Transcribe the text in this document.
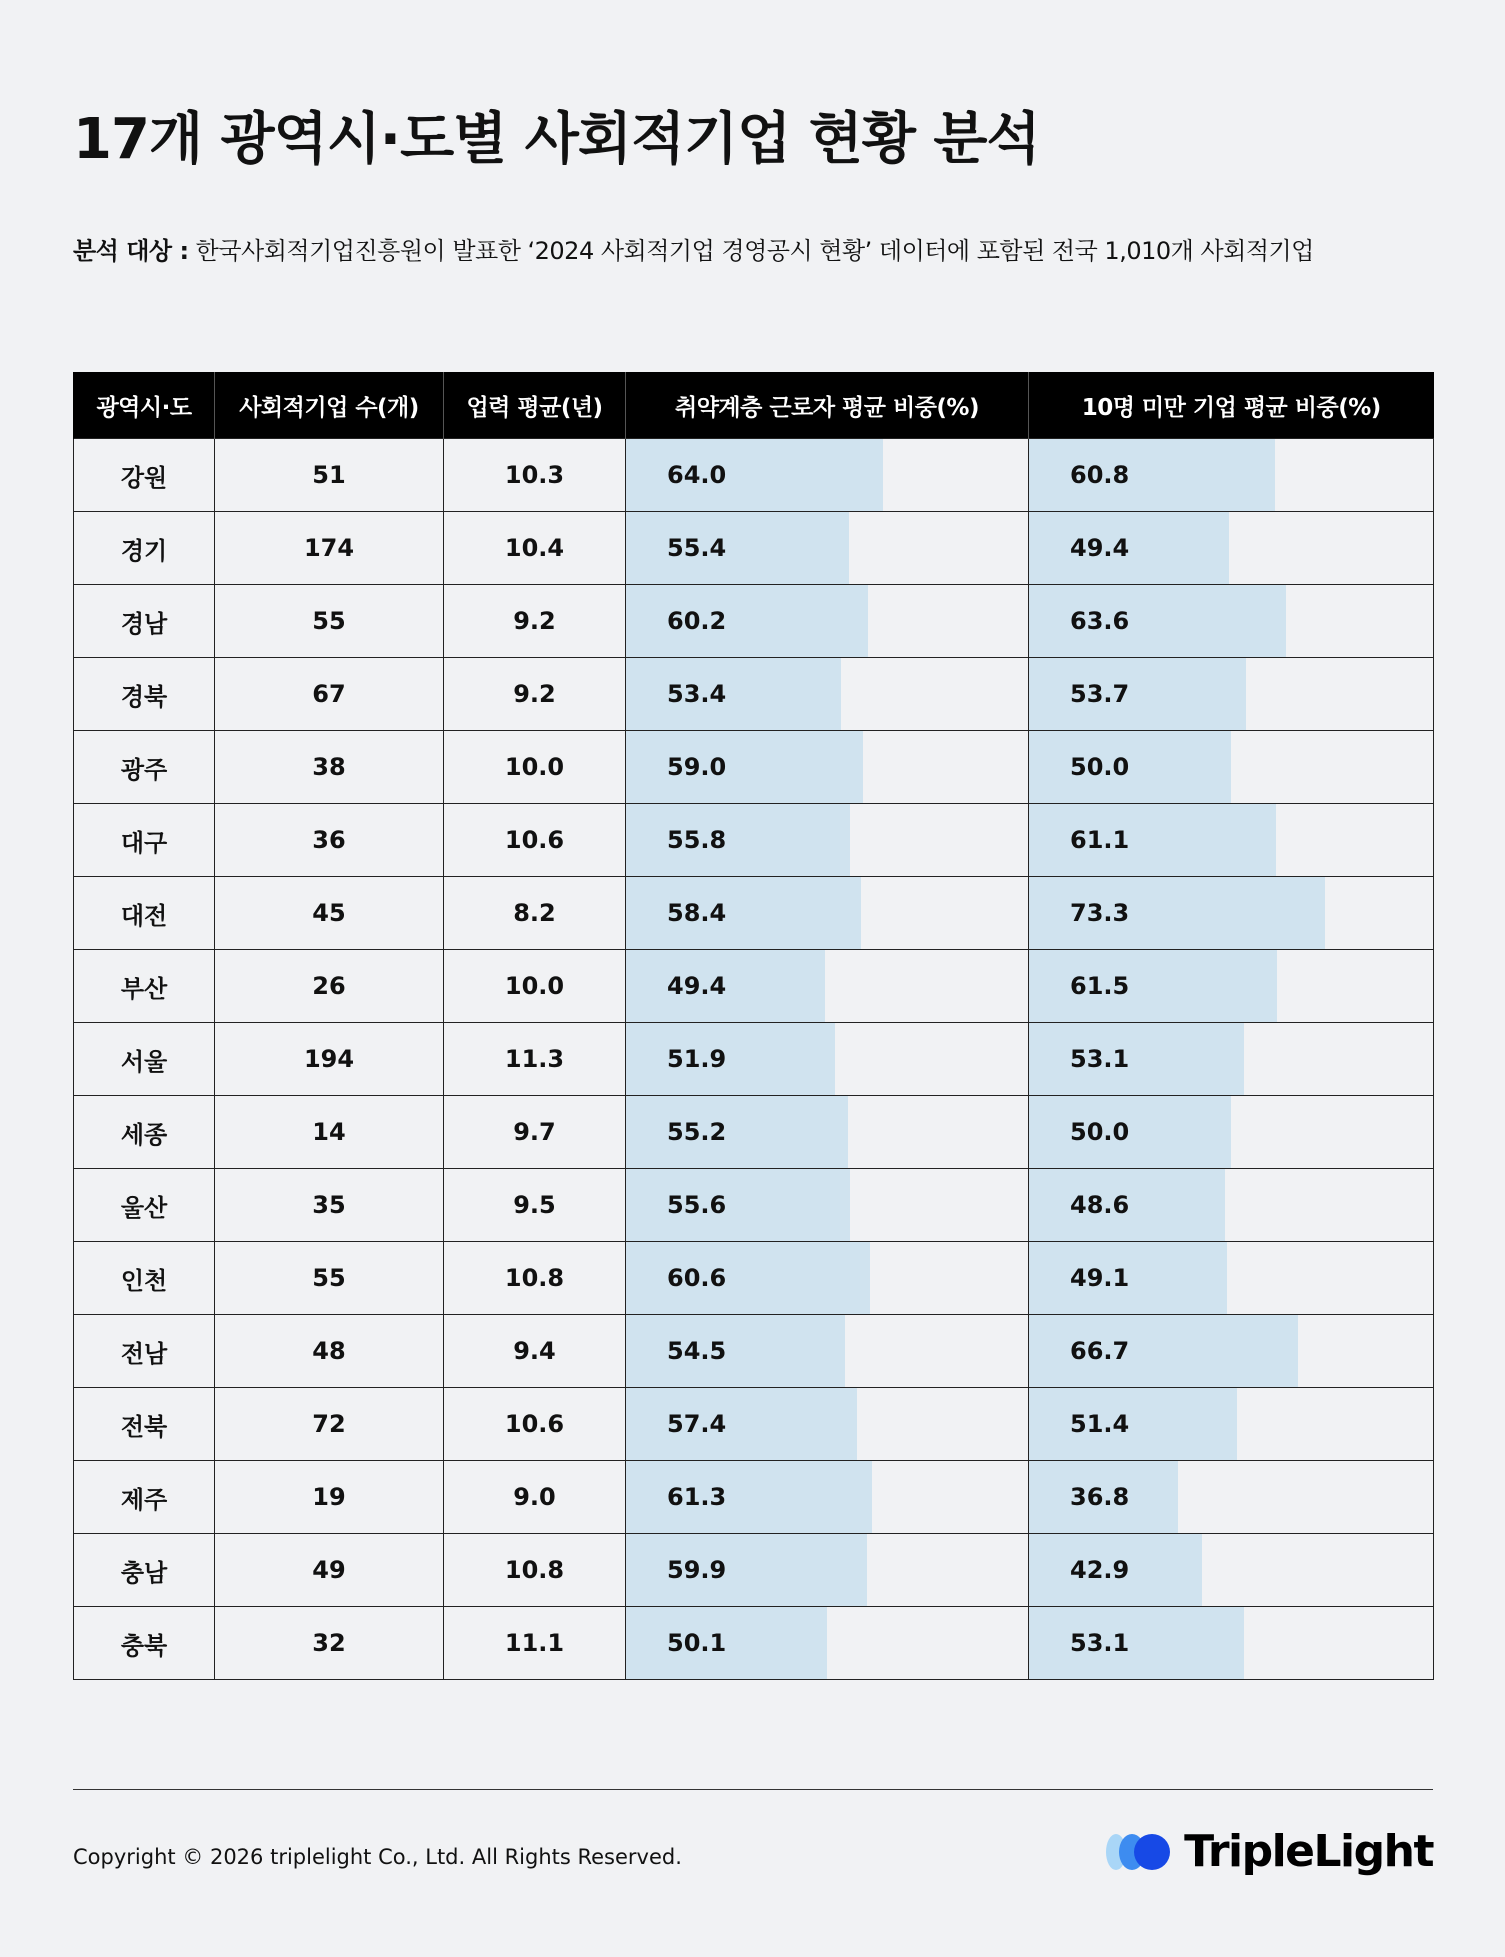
17개 광역시·도별 사회적기업 현황 분석

분석 대상 : 한국사회적기업진흥원이 발표한 ‘2024 사회적기업 경영공시 현황’ 데이터에 포함된 전국 1,010개 사회적기업

광역시·도	사회적기업 수(개)	업력 평균(년)	취약계층 근로자 평균 비중(%)	10명 미만 기업 평균 비중(%)
강원	51	10.3	64.0	60.8
경기	174	10.4	55.4	49.4
경남	55	9.2	60.2	63.6
경북	67	9.2	53.4	53.7
광주	38	10.0	59.0	50.0
대구	36	10.6	55.8	61.1
대전	45	8.2	58.4	73.3
부산	26	10.0	49.4	61.5
서울	194	11.3	51.9	53.1
세종	14	9.7	55.2	50.0
울산	35	9.5	55.6	48.6
인천	55	10.8	60.6	49.1
전남	48	9.4	54.5	66.7
전북	72	10.6	57.4	51.4
제주	19	9.0	61.3	36.8
충남	49	10.8	59.9	42.9
충북	32	11.1	50.1	53.1
Copyright © 2026 triplelight Co., Ltd. All Rights Reserved.	TripleLight
